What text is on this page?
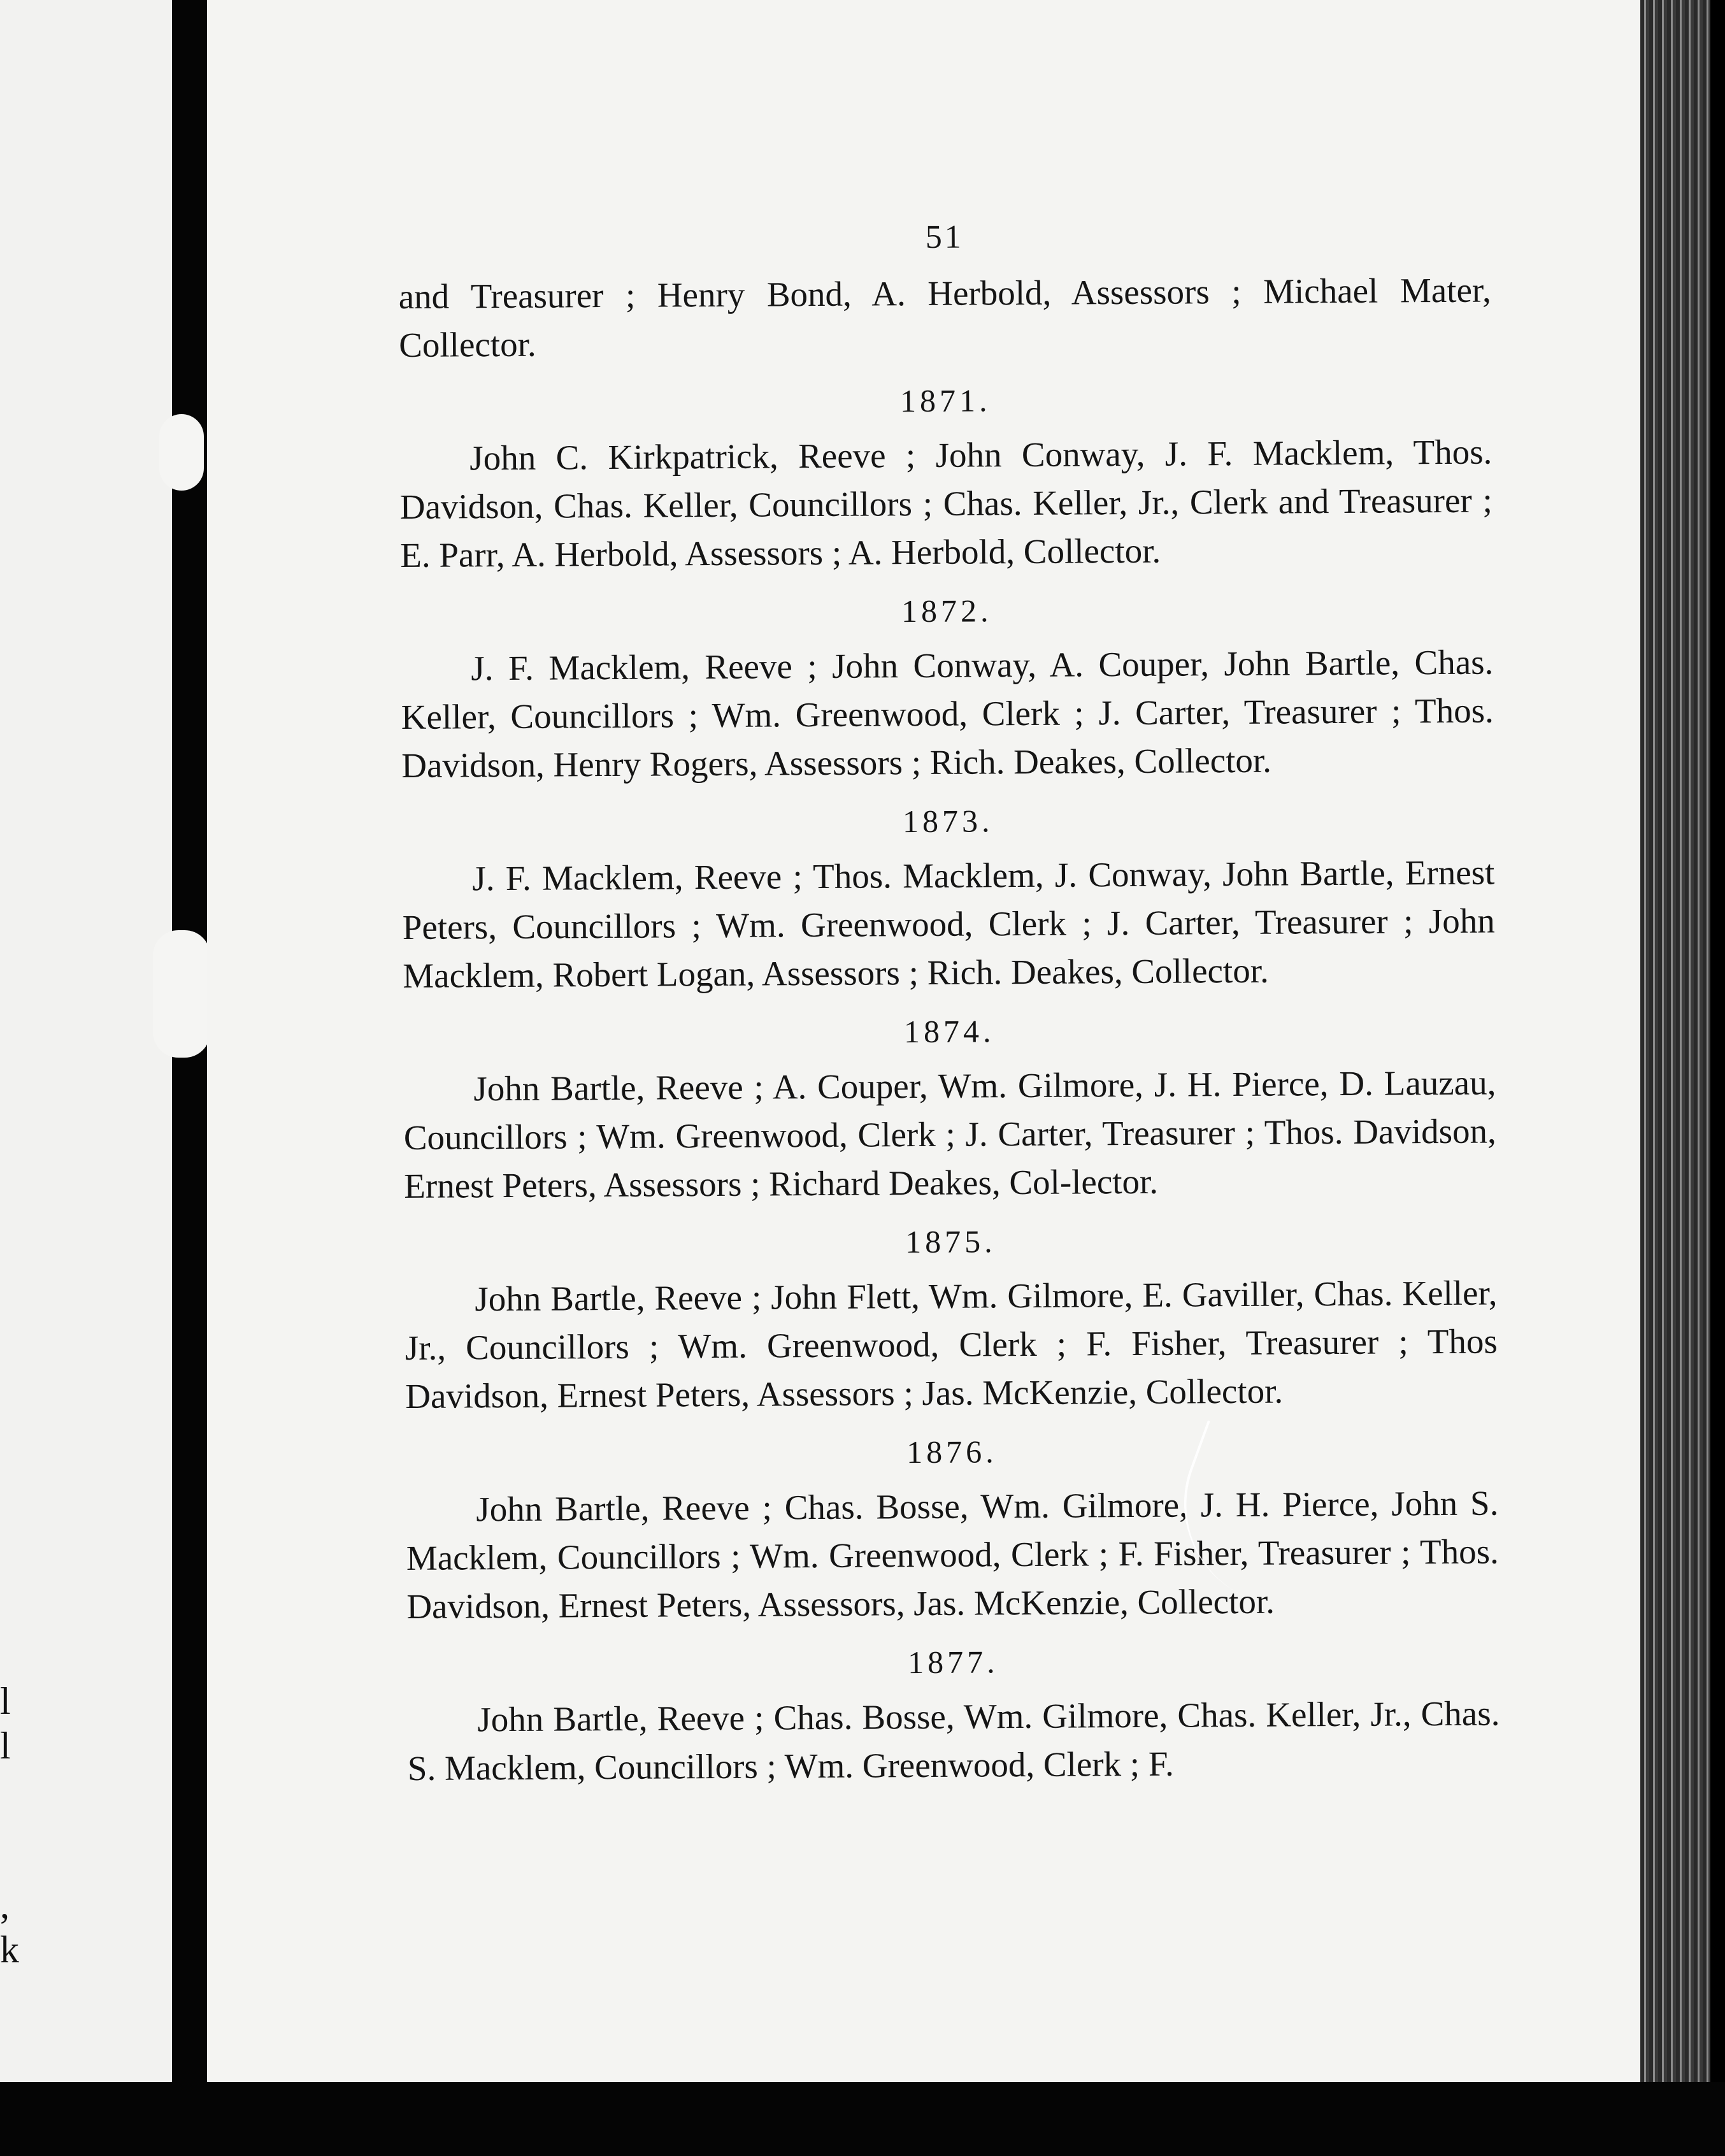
l
l
,
k
51

and Treasurer ; Henry Bond, A. Herbold, Assessors ; Michael Mater, Collector.

1871.

John C. Kirkpatrick, Reeve ; John Conway, J. F. Macklem, Thos. Davidson, Chas. Keller, Councillors ; Chas. Keller, Jr., Clerk and Treasurer ; E. Parr, A. Herbold, Assessors ; A. Herbold, Collector.

1872.

J. F. Macklem, Reeve ; John Conway, A. Couper, John Bartle, Chas. Keller, Councillors ; Wm. Greenwood, Clerk ; J. Carter, Treasurer ; Thos. Davidson, Henry Rogers, Assessors ; Rich. Deakes, Collector.

1873.

J. F. Macklem, Reeve ; Thos. Macklem, J. Conway, John Bartle, Ernest Peters, Councillors ; Wm. Greenwood, Clerk ; J. Carter, Treasurer ; John Macklem, Robert Logan, Assessors ; Rich. Deakes, Collector.

1874.

John Bartle, Reeve ; A. Couper, Wm. Gilmore, J. H. Pierce, D. Lauzau, Councillors ; Wm. Greenwood, Clerk ; J. Carter, Treasurer ; Thos. Davidson, Ernest Peters, Assessors ; Richard Deakes, Col-lector.

1875.

John Bartle, Reeve ; John Flett, Wm. Gilmore, E. Gaviller, Chas. Keller, Jr., Councillors ; Wm. Greenwood, Clerk ; F. Fisher, Treasurer ; Thos Davidson, Ernest Peters, Assessors ; Jas. McKenzie, Collector.

1876.

John Bartle, Reeve ; Chas. Bosse, Wm. Gilmore, J. H. Pierce, John S. Macklem, Councillors ; Wm. Greenwood, Clerk ; F. Fisher, Treasurer ; Thos. Davidson, Ernest Peters, Assessors, Jas. McKenzie, Collector.

1877.

John Bartle, Reeve ; Chas. Bosse, Wm. Gilmore, Chas. Keller, Jr., Chas. S. Macklem, Councillors ; Wm. Greenwood, Clerk ; F.
